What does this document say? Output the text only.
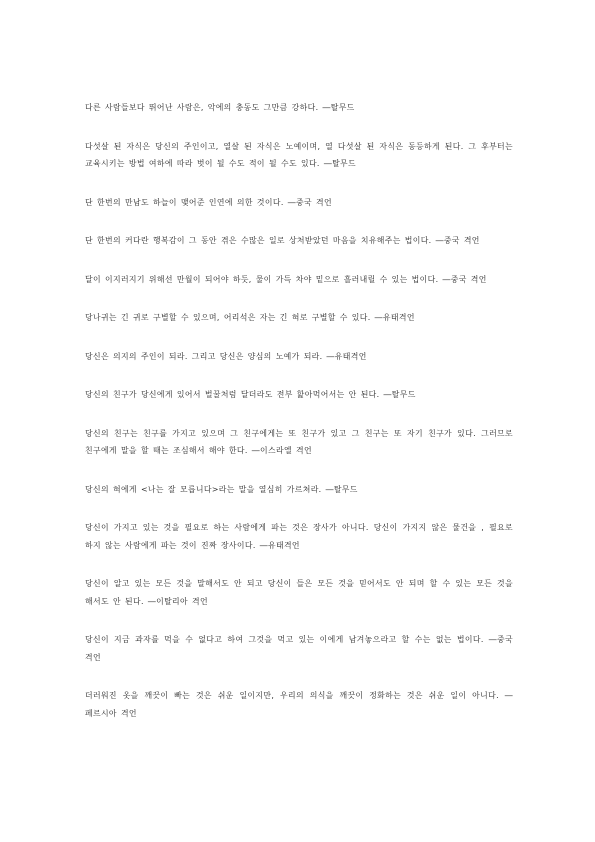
다른 사람들보다 뛰어난 사람은, 악에의 충동도 그만큼 강하다. ―탈무드

다섯살 된 자식은 당신의 주인이고, 열살 된 자식은 노예이며, 열 다섯살 된 자식은 동등하게 된다. 그 후부터는 교육시키는 방법 여하에 따라 벗이 될 수도 적이 될 수도 있다. ―탈무드

단 한번의 만남도 하늘이 맺어준 인연에 의한 것이다. ―중국 격언

단 한번의 커다란 행복감이 그 동안 겪은 수많은 일로 상처받았던 마음을 치유해주는 법이다. ―중국 격언

달이 이지러지기 위해선 만월이 되어야 하듯, 물이 가득 차야 밑으로 흘러내릴 수 있는 법이다. ―중국 격언

당나귀는 긴 귀로 구별할 수 있으며, 어리석은 자는 긴 혀로 구별할 수 있다. ―유태격언

당신은 의지의 주인이 되라. 그리고 당신은 양심의 노예가 되라. ―유태격언

당신의 친구가 당신에게 있어서 벌꿀처럼 달더라도 전부 핥아먹어서는 안 된다. ―탈무드

당신의 친구는 친구를 가지고 있으며 그 친구에게는 또 친구가 있고 그 친구는 또 자기 친구가 있다. 그러므로 친구에게 말을 할 때는 조심해서 해야 한다. ―이스라엘 격언

당신의 혀에게 <나는 잘 모릅니다>라는 말을 열심히 가르쳐라. ―탈무드

당신이 가지고 있는 것을 필요로 하는 사람에게 파는 것은 장사가 아니다. 당신이 가지지 않은 물건을 , 필요로 하지 않는 사람에게 파는 것이 진짜 장사이다. ―유태격언

당신이 알고 있는 모든 것을 말해서도 안 되고 당신이 들은 모든 것을 믿어서도 안 되며 할 수 있는 모든 것을 해서도 안 된다. ―이탈리아 격언

당신이 지금 과자를 먹을 수 없다고 하여 그것을 먹고 있는 이에게 남겨놓으라고 할 수는 없는 법이다. ―중국 격언

더러워진 옷을 깨끗이 빠는 것은 쉬운 일이지만, 우리의 의식을 깨끗이 정화하는 것은 쉬운 일이 아니다. ―페르시아 격언
